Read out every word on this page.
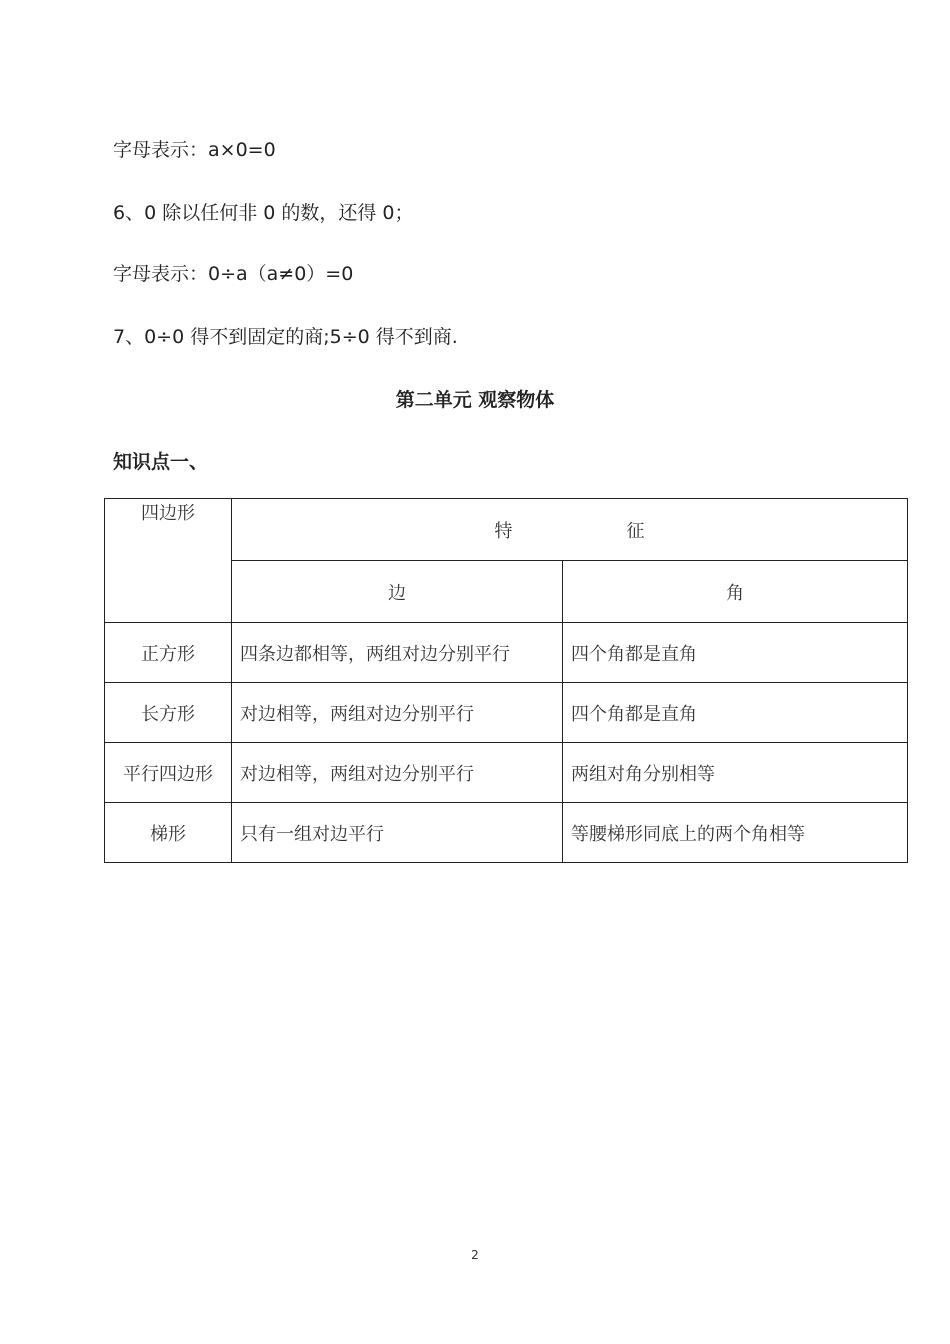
字母表示：a×0=0
6、0 除以任何非 0 的数，还得 0；
字母表示：0÷a（a≠0）=0
7、0÷0 得不到固定的商;5÷0 得不到商.
第二单元 观察物体
知识点一、
四边形	特 征	

	边	角
正方形	四条边都相等，两组对边分别平行	四个角都是直角
长方形	对边相等，两组对边分别平行	四个角都是直角
平行四边形	对边相等，两组对边分别平行	两组对角分别相等
梯形	只有一组对边平行	等腰梯形同底上的两个角相等
2
